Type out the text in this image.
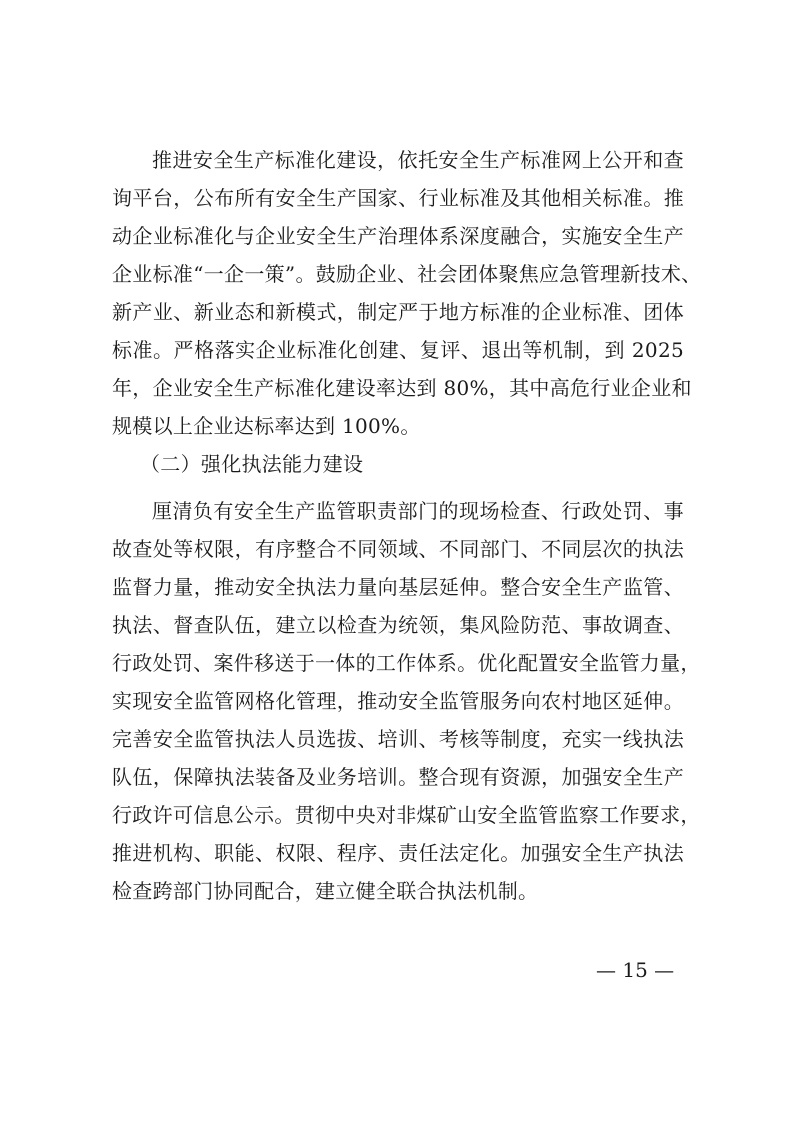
推进安全生产标准化建设，依托安全生产标准网上公开和查
询平台，公布所有安全生产国家、行业标准及其他相关标准。推
动企业标准化与企业安全生产治理体系深度融合，实施安全生产
企业标准“一企一策”。鼓励企业、社会团体聚焦应急管理新技术、
新产业、新业态和新模式，制定严于地方标准的企业标准、团体
标准。严格落实企业标准化创建、复评、退出等机制，到 2025
年，企业安全生产标准化建设率达到 80%，其中高危行业企业和
规模以上企业达标率达到 100%。
（二）强化执法能力建设
厘清负有安全生产监管职责部门的现场检查、行政处罚、事
故查处等权限，有序整合不同领域、不同部门、不同层次的执法
监督力量，推动安全执法力量向基层延伸。整合安全生产监管、
执法、督查队伍，建立以检查为统领，集风险防范、事故调查、
行政处罚、案件移送于一体的工作体系。优化配置安全监管力量，
实现安全监管网格化管理，推动安全监管服务向农村地区延伸。
完善安全监管执法人员选拔、培训、考核等制度，充实一线执法
队伍，保障执法装备及业务培训。整合现有资源，加强安全生产
行政许可信息公示。贯彻中央对非煤矿山安全监管监察工作要求，
推进机构、职能、权限、程序、责任法定化。加强安全生产执法
检查跨部门协同配合，建立健全联合执法机制。
— 15 —
